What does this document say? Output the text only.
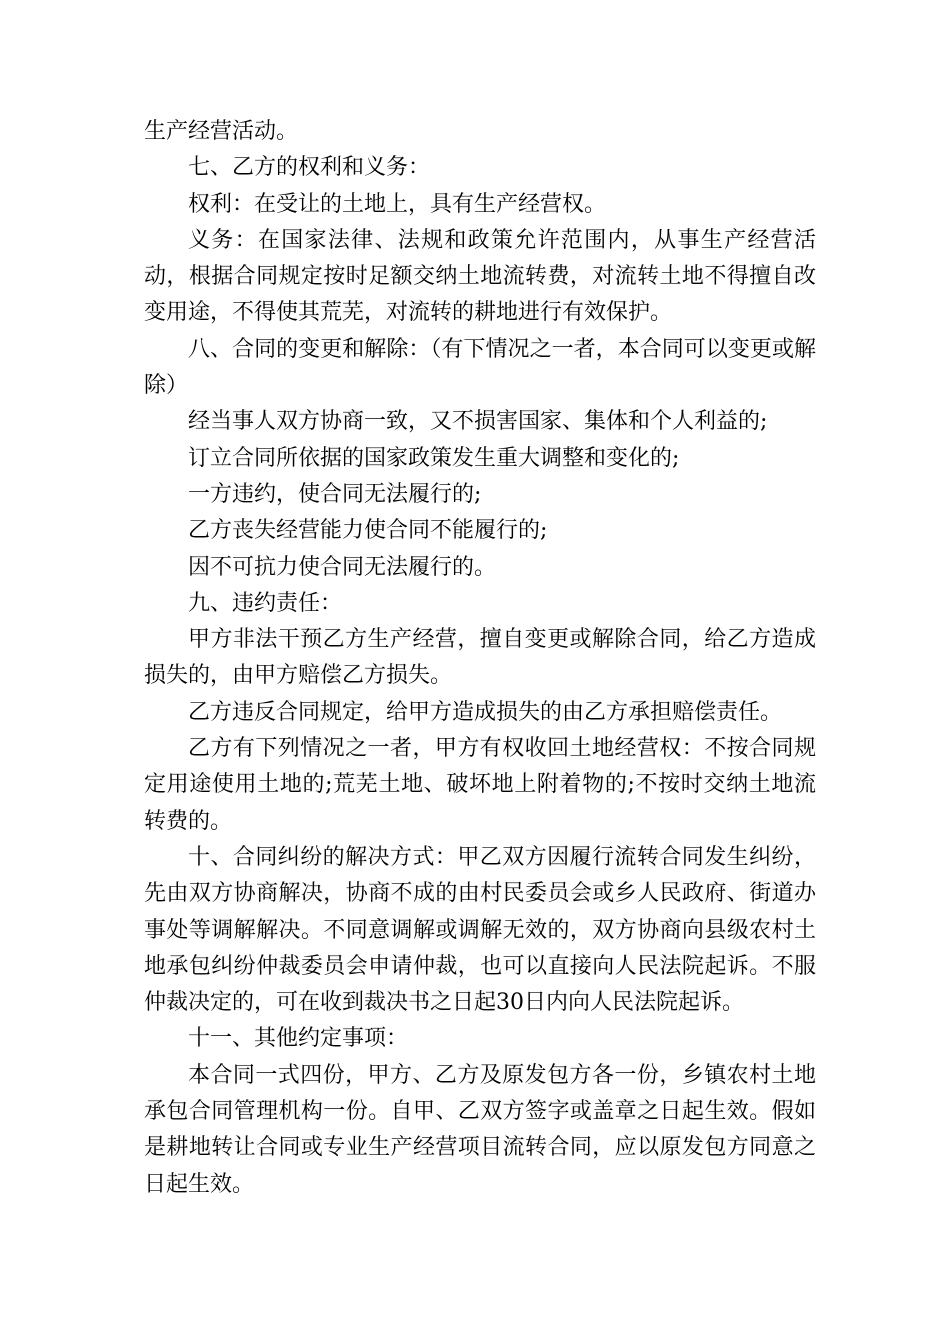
生产经营活动。

七、乙方的权利和义务：

权利：在受让的土地上，具有生产经营权。

义务：在国家法律、法规和政策允许范围内，从事生产经营活动，根据合同规定按时足额交纳土地流转费，对流转土地不得擅自改变用途，不得使其荒芜，对流转的耕地进行有效保护。

八、合同的变更和解除：（有下情况之一者，本合同可以变更或解除）

经当事人双方协商一致，又不损害国家、集体和个人利益的;

订立合同所依据的国家政策发生重大调整和变化的;

一方违约，使合同无法履行的;

乙方丧失经营能力使合同不能履行的;

因不可抗力使合同无法履行的。

九、违约责任：

甲方非法干预乙方生产经营，擅自变更或解除合同，给乙方造成损失的，由甲方赔偿乙方损失。

乙方违反合同规定，给甲方造成损失的由乙方承担赔偿责任。

乙方有下列情况之一者，甲方有权收回土地经营权：不按合同规定用途使用土地的;荒芜土地、破坏地上附着物的;不按时交纳土地流转费的。

十、合同纠纷的解决方式：甲乙双方因履行流转合同发生纠纷，先由双方协商解决，协商不成的由村民委员会或乡人民政府、街道办事处等调解解决。不同意调解或调解无效的，双方协商向县级农村土地承包纠纷仲裁委员会申请仲裁，也可以直接向人民法院起诉。不服仲裁决定的，可在收到裁决书之日起30日内向人民法院起诉。

十一、其他约定事项：

本合同一式四份，甲方、乙方及原发包方各一份，乡镇农村土地承包合同管理机构一份。自甲、乙双方签字或盖章之日起生效。假如是耕地转让合同或专业生产经营项目流转合同，应以原发包方同意之日起生效。
